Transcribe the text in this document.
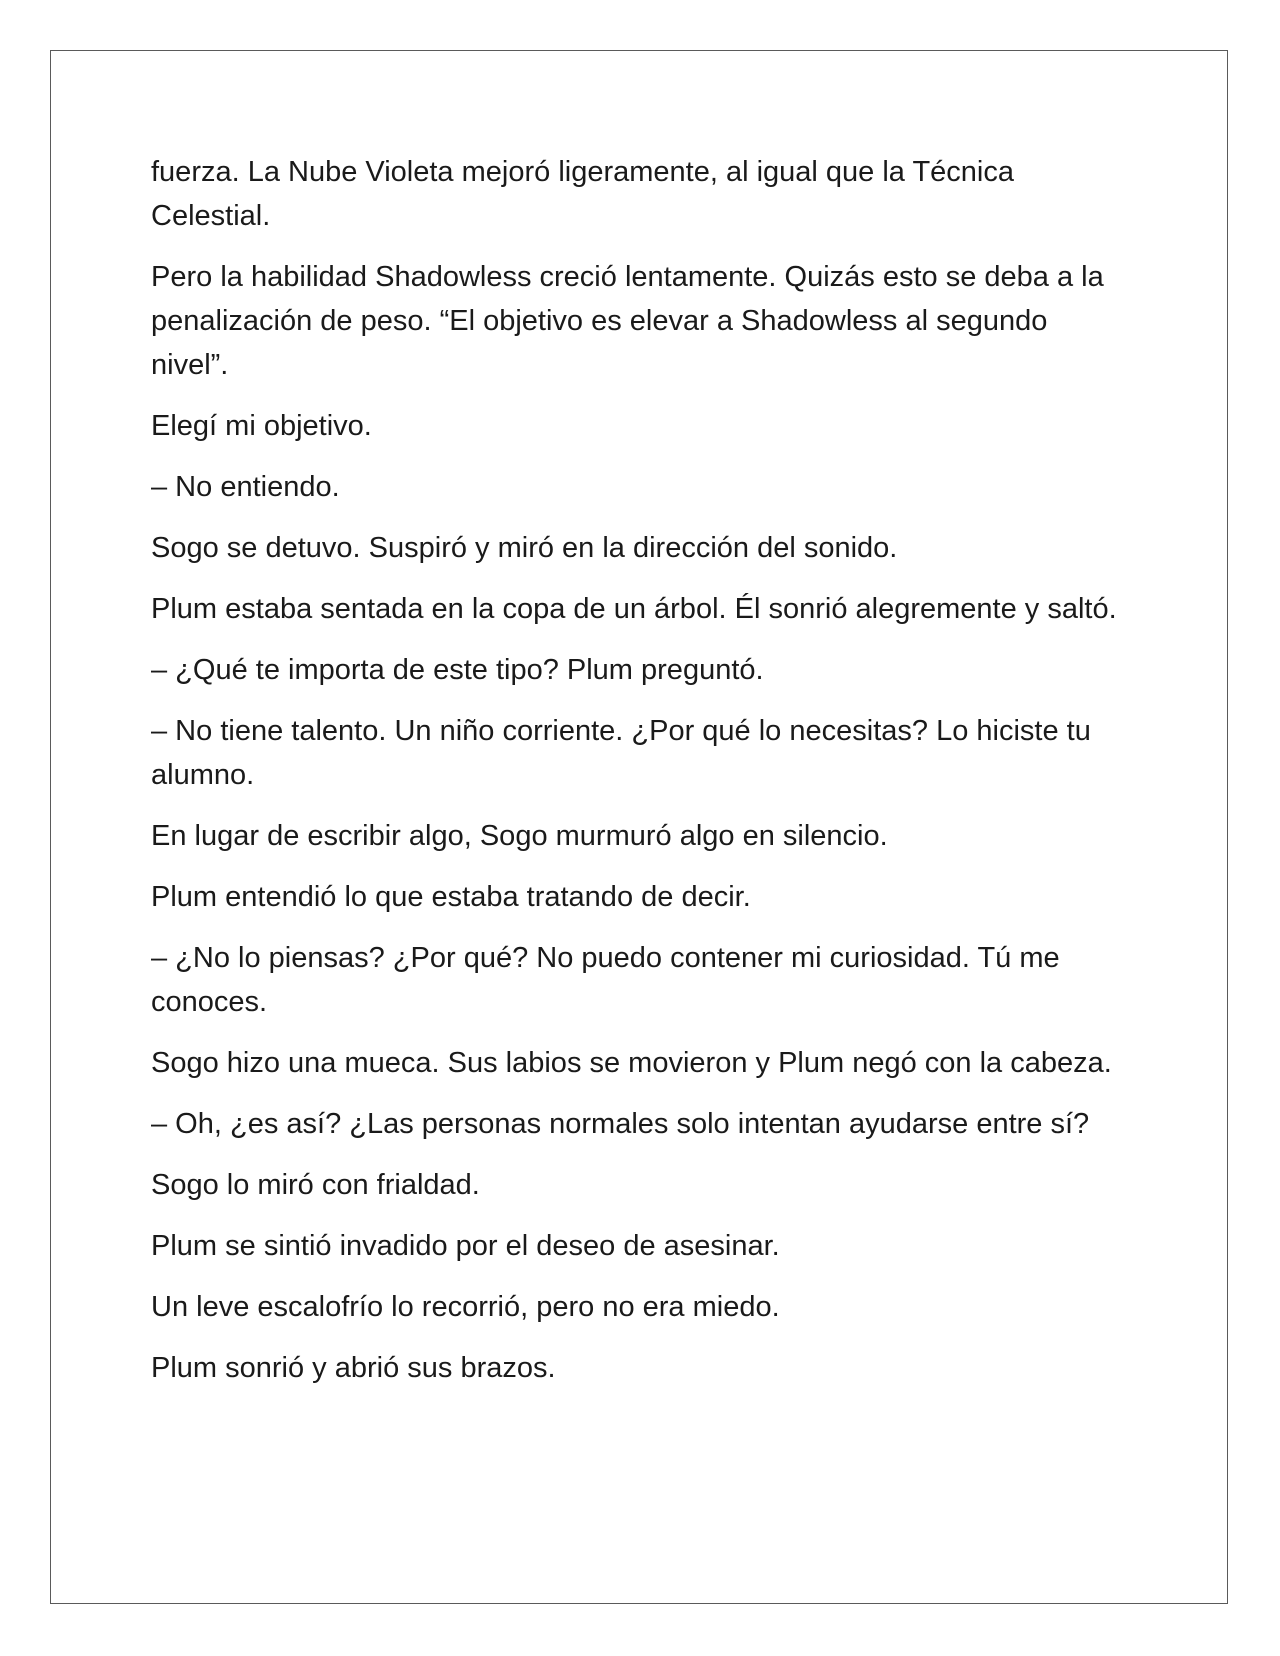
fuerza. La Nube Violeta mejoró ligeramente, al igual que la Técnica Celestial.

Pero la habilidad Shadowless creció lentamente. Quizás esto se deba a la penalización de peso. “El objetivo es elevar a Shadowless al segundo nivel”.

Elegí mi objetivo.

– No entiendo.

Sogo se detuvo. Suspiró y miró en la dirección del sonido.

Plum estaba sentada en la copa de un árbol. Él sonrió alegremente y saltó.

– ¿Qué te importa de este tipo? Plum preguntó.

– No tiene talento. Un niño corriente. ¿Por qué lo necesitas? Lo hiciste tu alumno.

En lugar de escribir algo, Sogo murmuró algo en silencio.

Plum entendió lo que estaba tratando de decir.

– ¿No lo piensas? ¿Por qué? No puedo contener mi curiosidad. Tú me conoces.

Sogo hizo una mueca. Sus labios se movieron y Plum negó con la cabeza.

– Oh, ¿es así? ¿Las personas normales solo intentan ayudarse entre sí?

Sogo lo miró con frialdad.

Plum se sintió invadido por el deseo de asesinar.

Un leve escalofrío lo recorrió, pero no era miedo.

Plum sonrió y abrió sus brazos.
